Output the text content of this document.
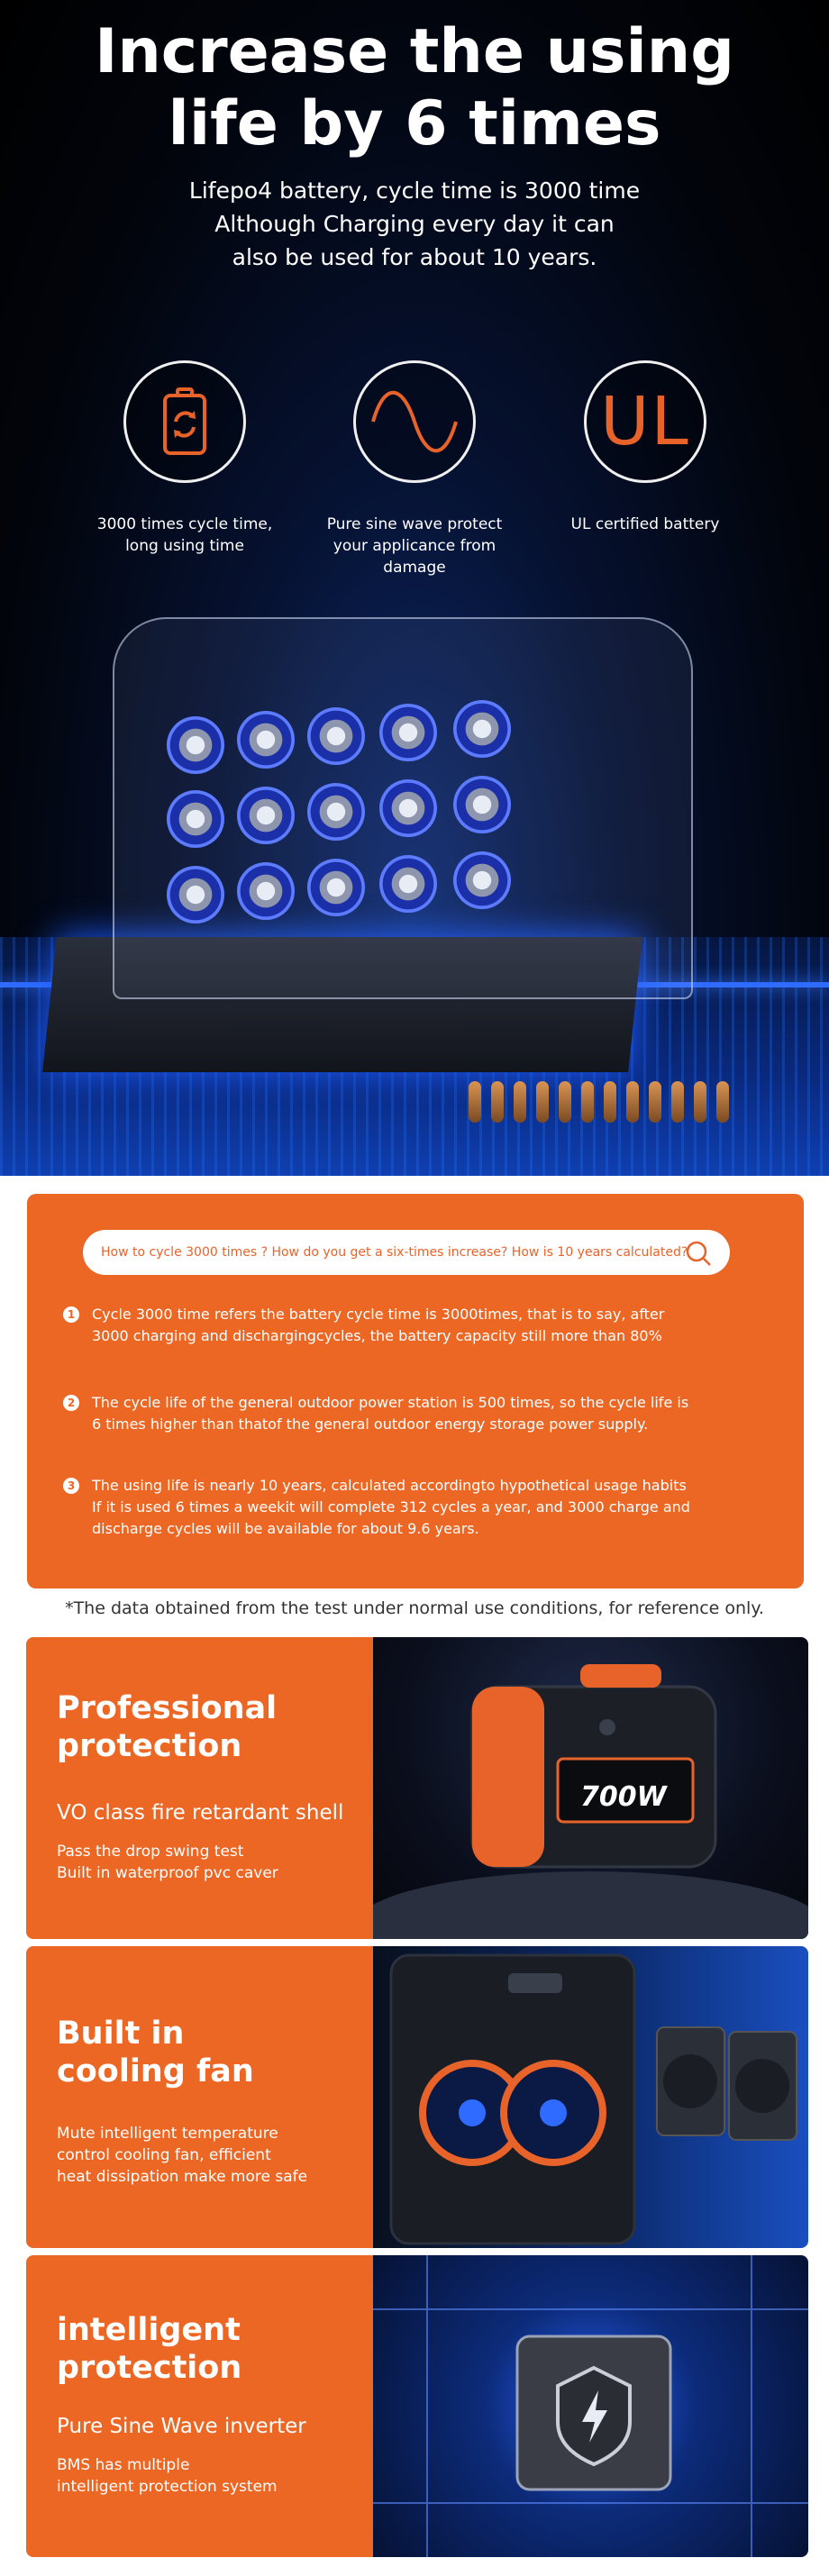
Increase the using
life by 6 times
Lifepo4 battery, cycle time is 3000 time
Although Charging every day it can
also be used for about 10 years.
3000 times cycle time, long using time
Pure sine wave protect your applicance from damage
UL
UL certified battery
How to cycle 3000 times ? How do you get a six-times increase? How is 10 years calculated?
1	Cycle 3000 time refers the battery cycle time is 3000times, that is to say, after
3000 charging and dischargingcycles, the battery capacity still more than 80%
2	The cycle life of the general outdoor power station is 500 times, so the cycle life is
6 times higher than thatof the general outdoor energy storage power supply.
3	The using life is nearly 10 years, calculated accordingto hypothetical usage habits
If it is used 6 times a weekit will complete 312 cycles a year, and 3000 charge and
discharge cycles will be available for about 9.6 years.
*The data obtained from the test under normal use conditions, for reference only.
Professional
protection
VO class fire retardant shell
Pass the drop swing test
Built in waterproof pvc caver
700W
Built in
cooling fan
Mute intelligent temperature
control cooling fan, efficient
heat dissipation make more safe
intelligent
protection
Pure Sine Wave inverter
BMS has multiple
intelligent protection system
